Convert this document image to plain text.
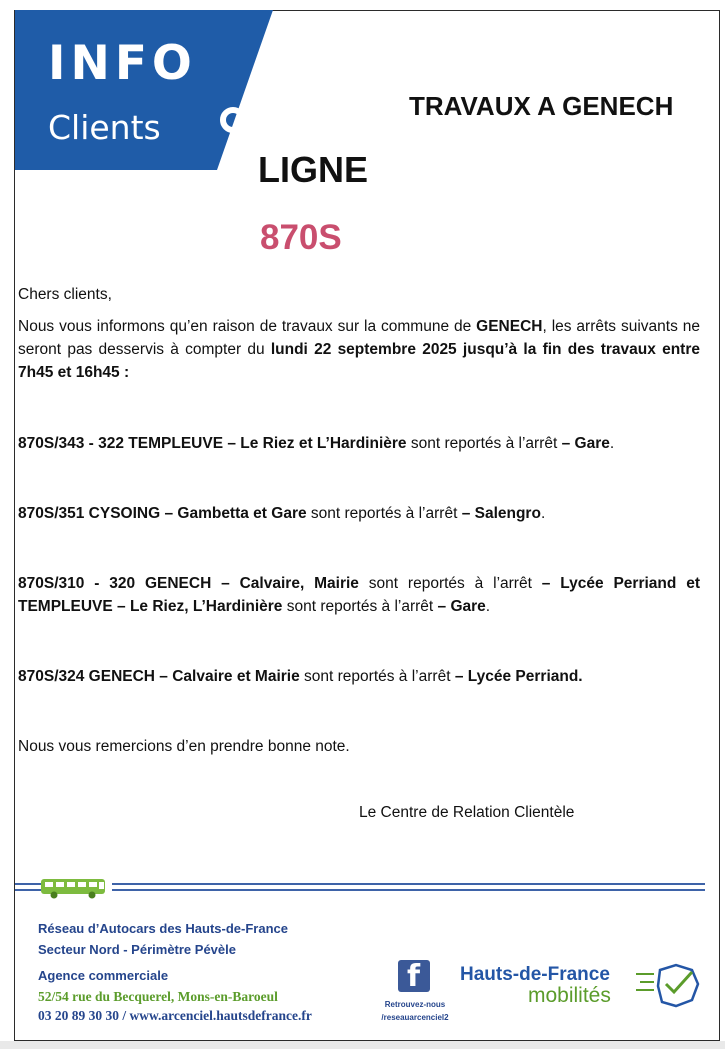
INFO
Clients
TRAVAUX A GENECH
LIGNE
870S
Chers clients,
Nous vous informons qu’en raison de travaux sur la commune de GENECH, les arrêts suivants ne seront pas desservis à compter du lundi 22 septembre 2025 jusqu’à la fin des travaux entre 7h45 et 16h45 :
870S/343 - 322 TEMPLEUVE – Le Riez et L’Hardinière sont reportés à l’arrêt – Gare.
870S/351 CYSOING – Gambetta et Gare sont reportés à l’arrêt – Salengro.
870S/310 - 320 GENECH – Calvaire, Mairie sont reportés à l’arrêt – Lycée Perriand et TEMPLEUVE – Le Riez, L’Hardinière sont reportés à l’arrêt – Gare.
870S/324 GENECH – Calvaire et Mairie sont reportés à l’arrêt – Lycée Perriand.
Nous vous remercions d’en prendre bonne note.
Le Centre de Relation Clientèle
Réseau d’Autocars des Hauts-de-France
Secteur Nord - Périmètre Pévèle
Agence commerciale
52/54 rue du Becquerel, Mons-en-Baroeul
03 20 89 30 30 / www.arcenciel.hautsdefrance.fr
f
Retrouvez-nous
/reseauarcenciel2
Hauts-de-France
mobilités
